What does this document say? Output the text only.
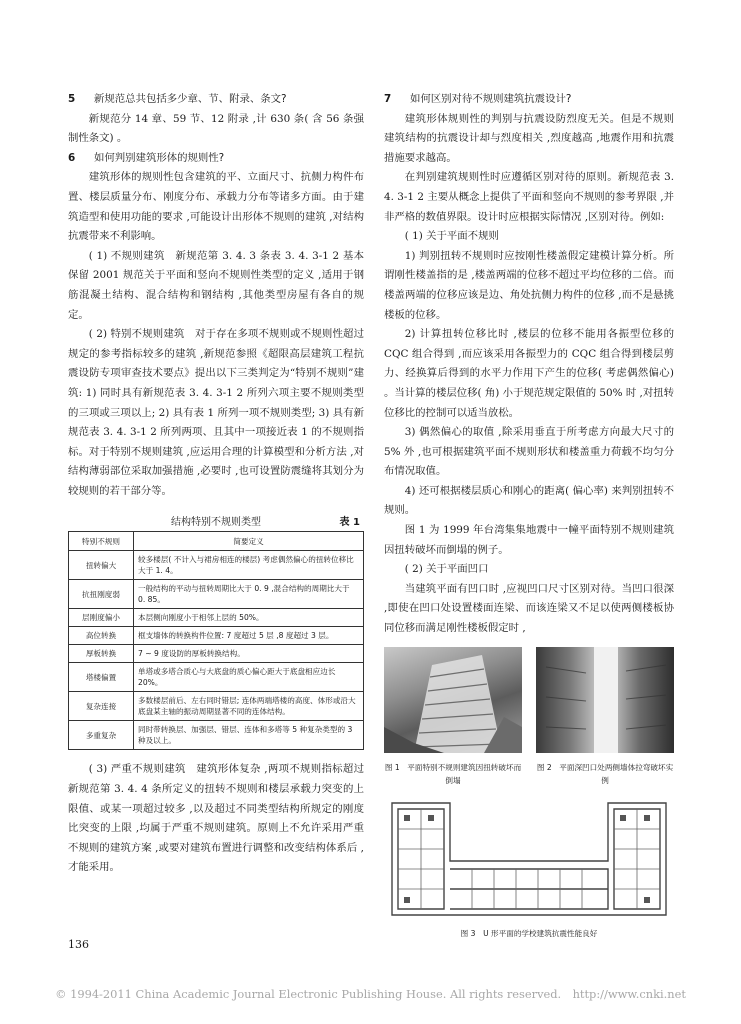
5 新规范总共包括多少章、节、附录、条文?

新规范分 14 章、59 节、12 附录 ,计 630 条( 含 56 条强制性条文) 。

6 如何判别建筑形体的规则性?

建筑形体的规则性包含建筑的平、立面尺寸、抗侧力构件布置、楼层质量分布、刚度分布、承载力分布等诸多方面。由于建筑造型和使用功能的要求 ,可能设计出形体不规则的建筑 ,对结构抗震带来不利影响。

( 1) 不规则建筑　新规范第 3. 4. 3 条表 3. 4. 3-1 2 基本保留 2001 规范关于平面和竖向不规则性类型的定义 ,适用于钢筋混凝土结构、混合结构和钢结构 ,其他类型房屋有各自的规定。

( 2) 特别不规则建筑　对于存在多项不规则或不规则性超过规定的参考指标较多的建筑 ,新规范参照《超限高层建筑工程抗震设防专项审查技术要点》提出以下三类判定为“特别不规则”建筑: 1) 同时具有新规范表 3. 4. 3-1 2 所列六项主要不规则类型的三项或三项以上; 2) 具有表 1 所列一项不规则类型; 3) 具有新规范表 3. 4. 3-1 2 所列两项、且其中一项接近表 1 的不规则指标。对于特别不规则建筑 ,应运用合理的计算模型和分析方法 ,对结构薄弱部位采取加强措施 ,必要时 ,也可设置防震缝将其划分为较规则的若干部分等。

结构特别不规则类型	表 1
特别不规则	简要定义
扭转偏大	较多楼层( 不计入与裙房相连的楼层) 考虑偶然偏心的扭转位移比大于 1. 4。
抗扭刚度弱	一般结构的平动与扭转周期比大于 0. 9 ,混合结构的周期比大于 0. 85。
层刚度偏小	本层侧向刚度小于相邻上层的 50%。
高位转换	框支墙体的转换构件位置: 7 度超过 5 层 ,8 度超过 3 层。
厚板转换	7 ~ 9 度设防的厚板转换结构。
塔楼偏置	单塔或多塔合质心与大底盘的质心偏心距大于底盘相应边长 20%。
复杂连接	多数楼层前后、左右同时错层; 连体两端塔楼的高度、体形或沿大底盘某主轴的振动周期显著不同的连体结构。
多重复杂	同时带转换层、加强层、错层、连体和多塔等 5 种复杂类型的 3 种及以上。

( 3) 严重不规则建筑　建筑形体复杂 ,两项不规则指标超过新规范第 3. 4. 4 条所定义的扭转不规则和楼层承载力突变的上限值、或某一项超过较多 ,以及超过不同类型结构所规定的刚度比突变的上限 ,均属于严重不规则建筑。原则上不允许采用严重不规则的建筑方案 ,或要对建筑布置进行调整和改变结构体系后 ,才能采用。

136

7 如何区别对待不规则建筑抗震设计?

建筑形体规则性的判别与抗震设防烈度无关。但是不规则建筑结构的抗震设计却与烈度相关 ,烈度越高 ,地震作用和抗震措施要求越高。

在判别建筑规则性时应遵循区别对待的原则。新规范表 3. 4. 3-1 2 主要从概念上提供了平面和竖向不规则的参考界限 ,并非严格的数值界限。设计时应根据实际情况 ,区别对待。例如:

( 1) 关于平面不规则

1) 判别扭转不规则时应按刚性楼盖假定建模计算分析。所谓刚性楼盖指的是 ,楼盖两端的位移不超过平均位移的二倍。而楼盖两端的位移应该是边、角处抗侧力构件的位移 ,而不是悬挑楼板的位移。

2) 计算扭转位移比时 ,楼层的位移不能用各振型位移的 CQC 组合得到 ,而应该采用各振型力的 CQC 组合得到楼层剪力、经换算后得到的水平力作用下产生的位移( 考虑偶然偏心) 。当计算的楼层位移( 角) 小于规范规定限值的 50% 时 ,对扭转位移比的控制可以适当放松。

3) 偶然偏心的取值 ,除采用垂直于所考虑方向最大尺寸的 5% 外 ,也可根据建筑平面不规则形状和楼盖重力荷载不均匀分布情况取值。

4) 还可根据楼层质心和刚心的距离( 偏心率) 来判别扭转不规则。

图 1 为 1999 年台湾集集地震中一幢平面特别不规则建筑因扭转破坏而倒塌的例子。

( 2) 关于平面凹口

当建筑平面有凹口时 ,应视凹口尺寸区别对待。当凹口很深 ,即使在凹口处设置楼面连梁、而该连梁又不足以使两侧楼板协同位移而满足刚性楼板假定时 ,

图 1　平面特别不规则建筑因扭转破坏而倒塌
图 2　平面深凹口处两侧墙体拉弯破坏实例
图 3　U 形平面的学校建筑抗震性能良好
© 1994-2011 China Academic Journal Electronic Publishing House. All rights reserved.　http://www.cnki.net
